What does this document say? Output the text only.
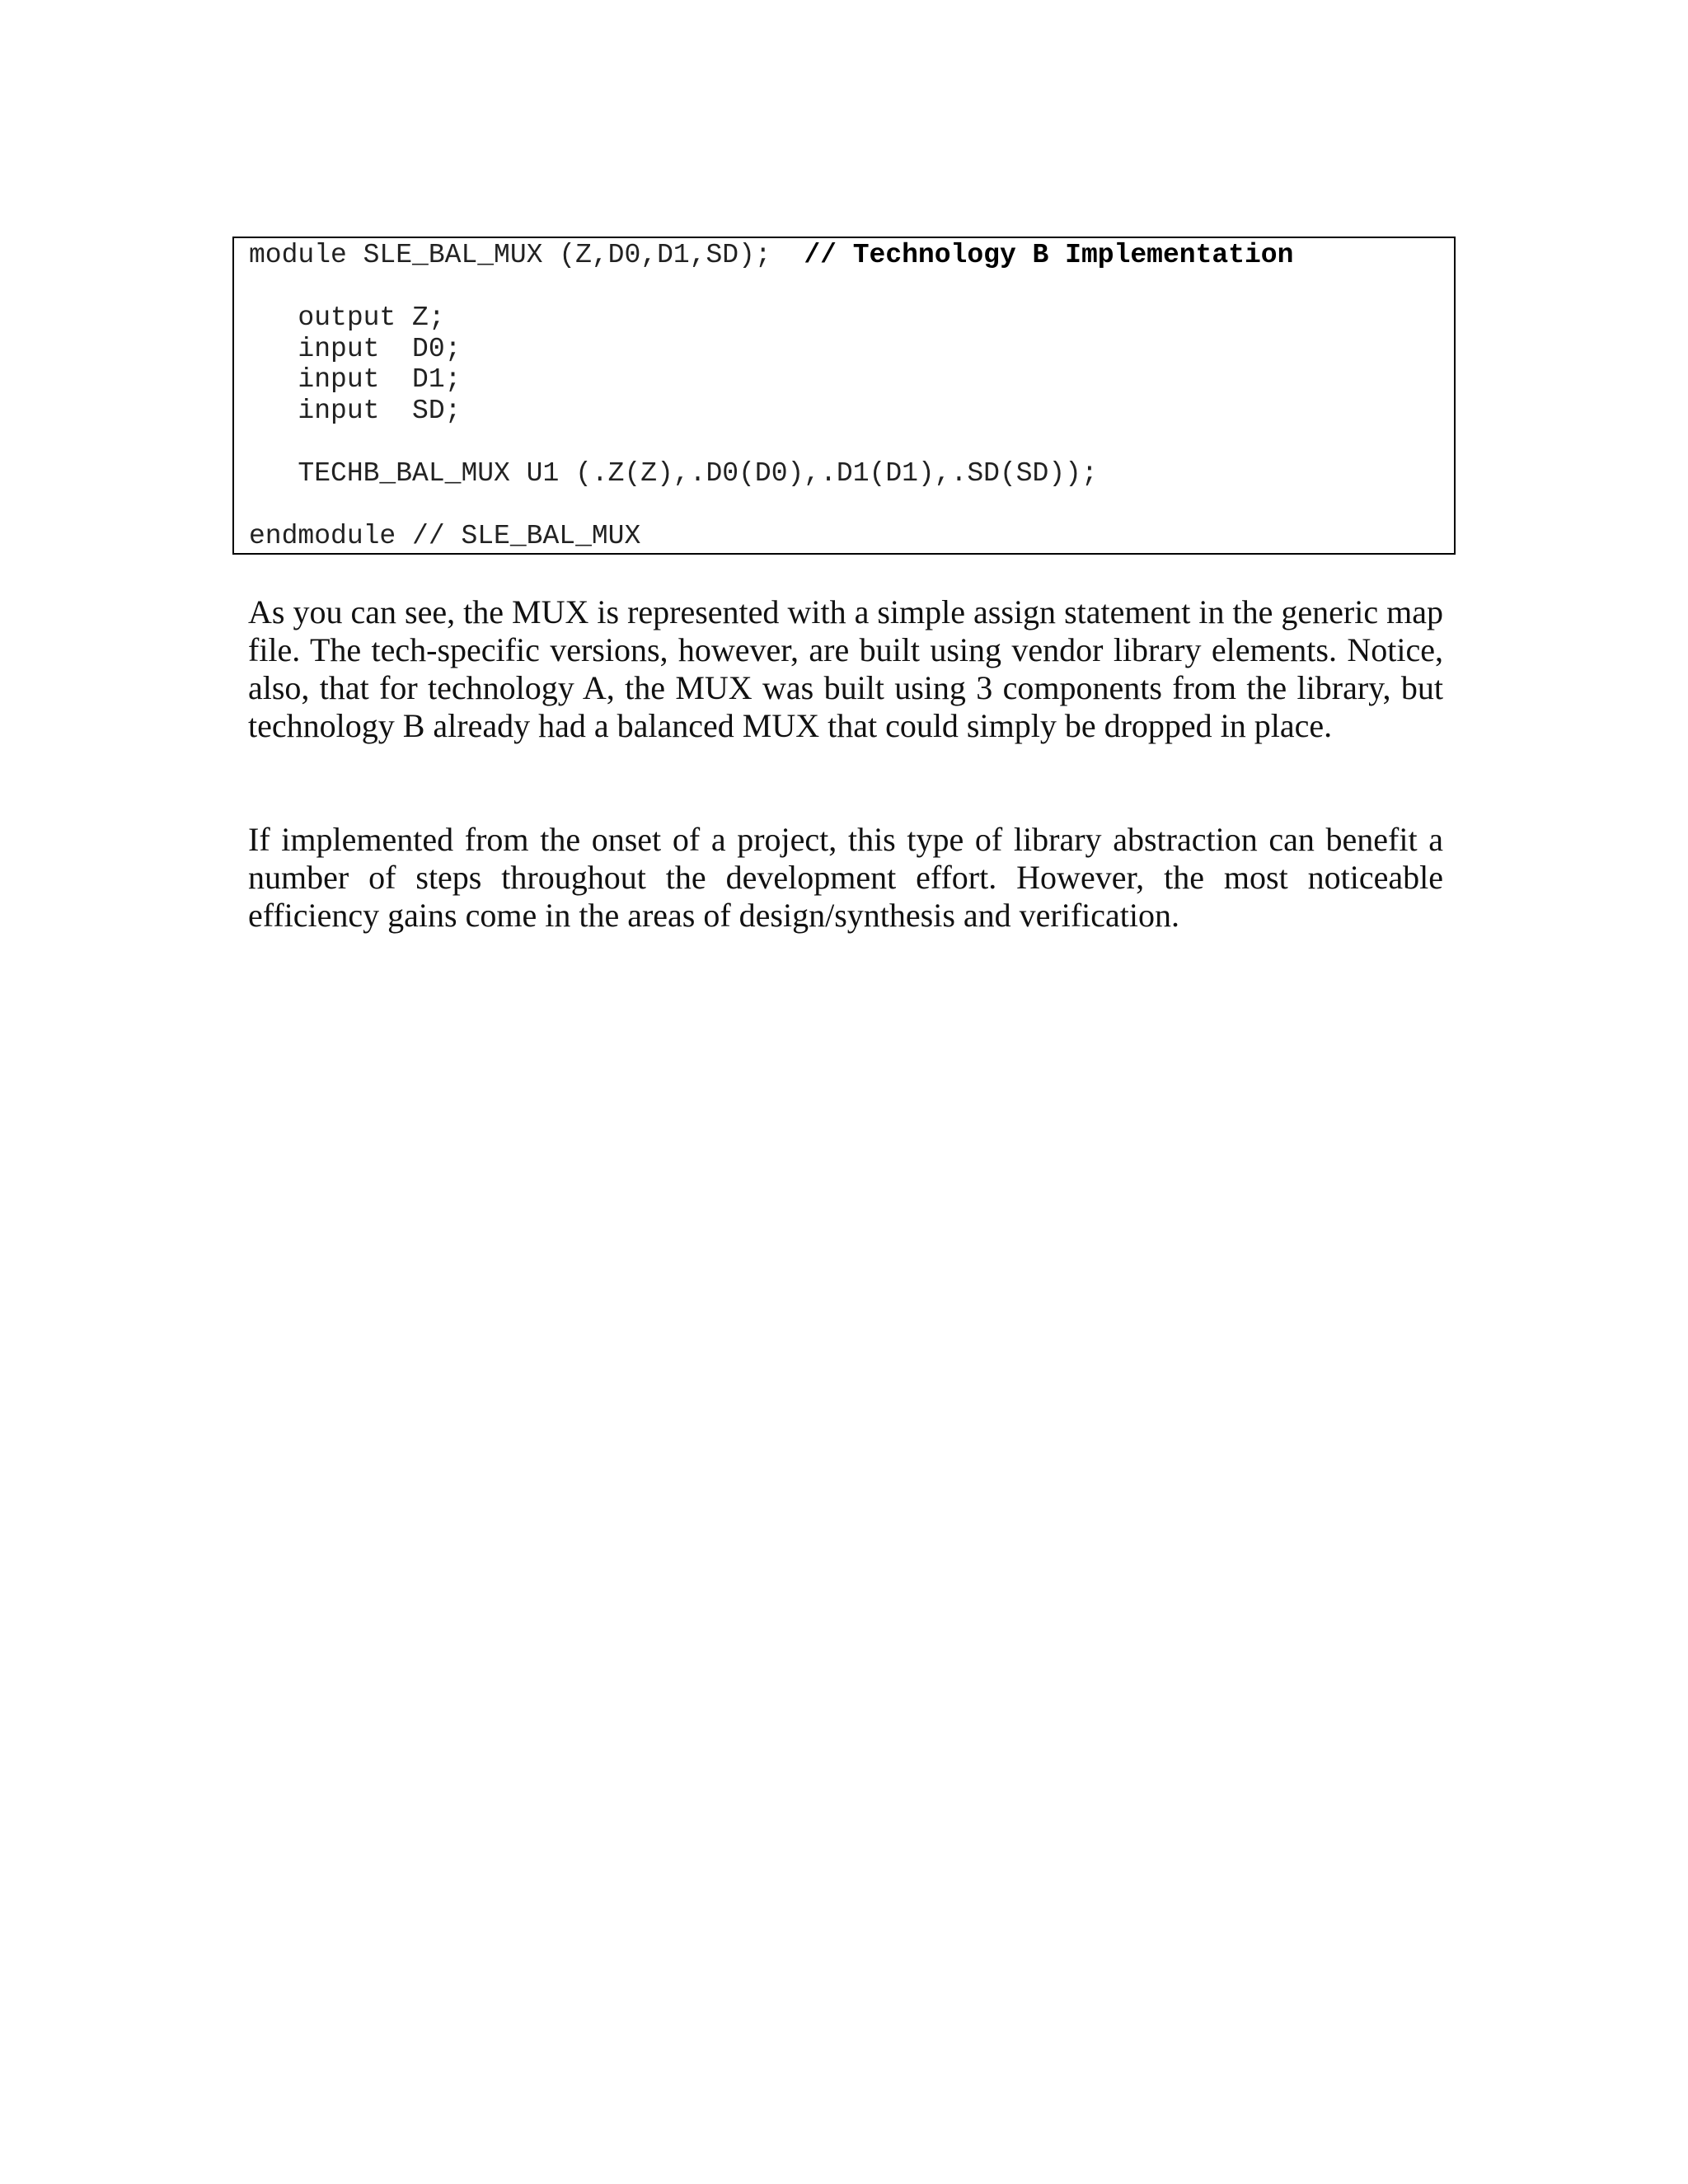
module SLE_BAL_MUX (Z,D0,D1,SD);  // Technology B Implementation

output Z;

input  D0;

input  D1;

input  SD;

TECHB_BAL_MUX U1 (.Z(Z),.D0(D0),.D1(D1),.SD(SD));

endmodule // SLE_BAL_MUX

As you can see, the MUX is represented with a simple assign statement in the generic map file. The tech-specific versions, however, are built using vendor library elements. Notice, also, that for technology A, the MUX was built using 3 components from the library, but technology B already had a balanced MUX that could simply be dropped in place.

If implemented from the onset of a project, this type of library abstraction can benefit a number of steps throughout the development effort. However, the most noticeable efficiency gains come in the areas of design/synthesis and verification.
